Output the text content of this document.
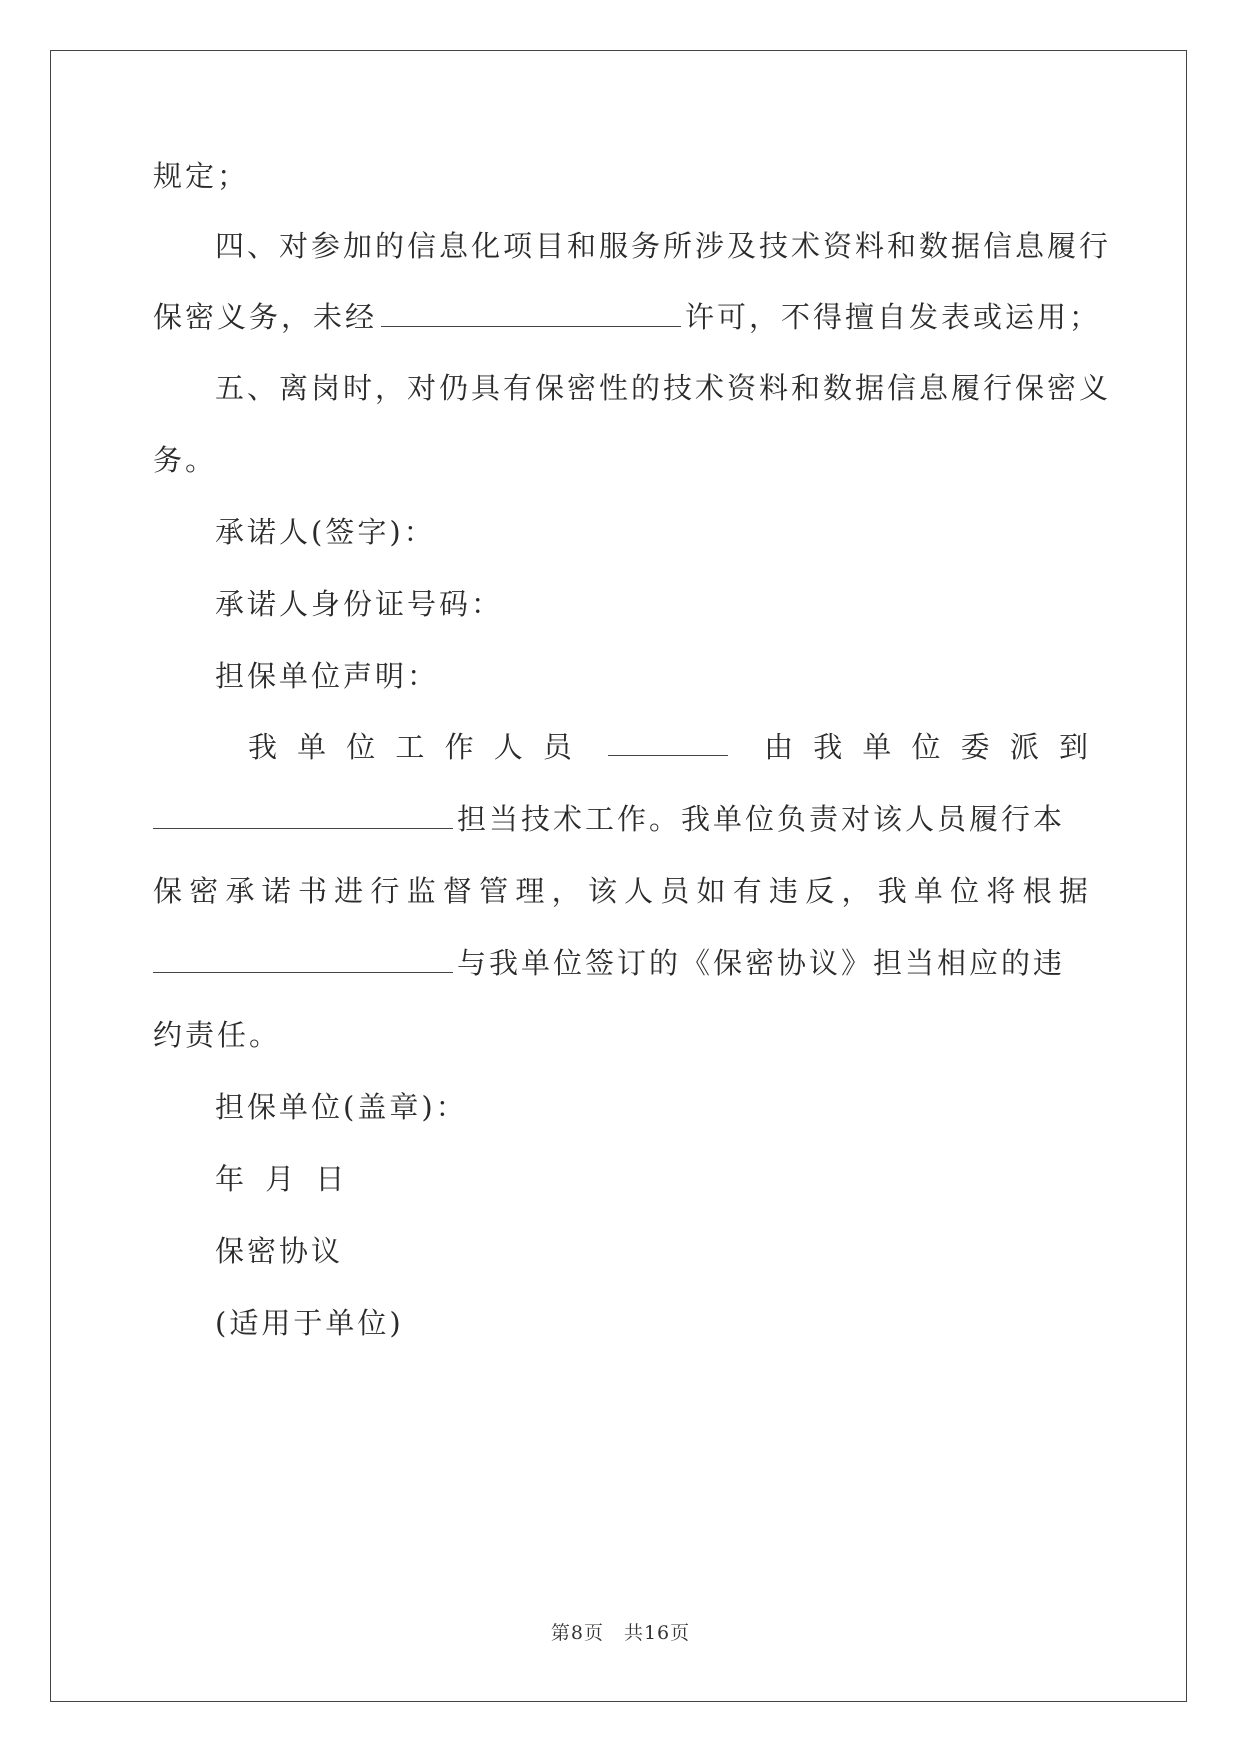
规定；
四、对参加的信息化项目和服务所涉及技术资料和数据信息履行
保密义务，未经	许可，不得擅自发表或运用；
五、离岗时，对仍具有保密性的技术资料和数据信息履行保密义
务。
承诺人(签字)：
承诺人身份证号码：
担保单位声明：
我 单 位 工 作 人 员	由 我 单 位 委 派 到
担当技术工作。我单位负责对该人员履行本
保 密 承 诺 书 进 行 监 督 管 理 ， 该 人 员 如 有 违 反 ， 我 单 位 将 根 据
与我单位签订的《保密协议》担当相应的违
约责任。
担保单位(盖章)：
年 月 日
保密协议
(适用于单位)
第8页　共16页
